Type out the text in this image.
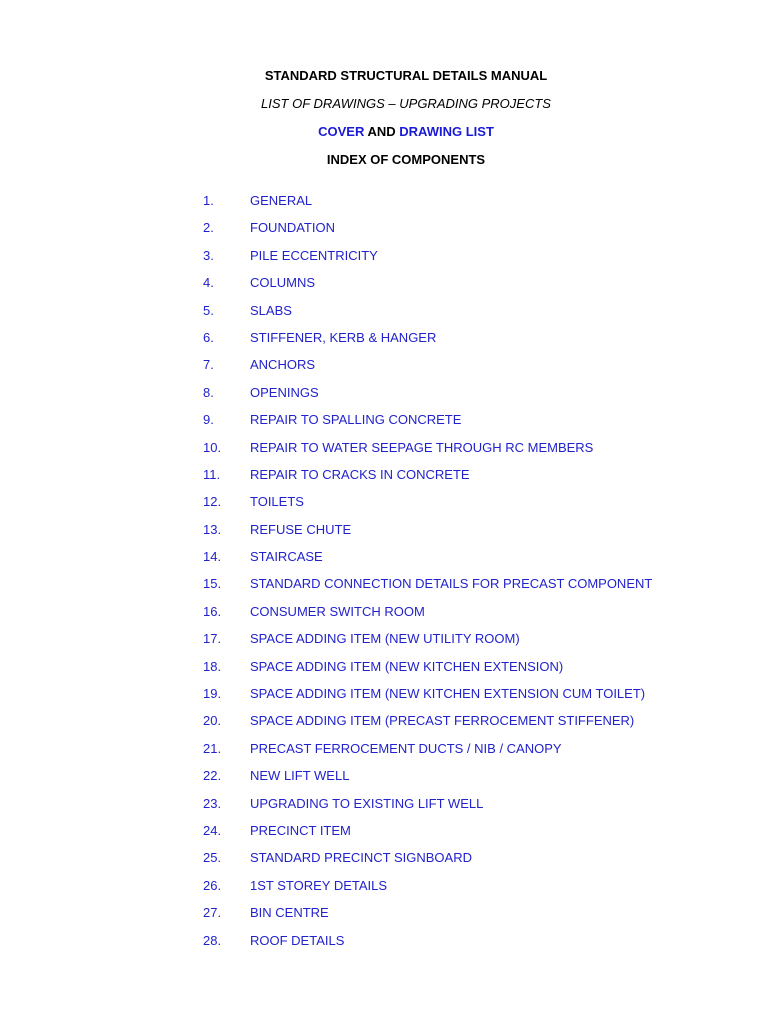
STANDARD STRUCTURAL DETAILS MANUAL
LIST OF DRAWINGS – UPGRADING PROJECTS
COVER AND DRAWING LIST
INDEX OF COMPONENTS
1.	GENERAL
2.	FOUNDATION
3.	PILE ECCENTRICITY
4.	COLUMNS
5.	SLABS
6.	STIFFENER, KERB & HANGER
7.	ANCHORS
8.	OPENINGS
9.	REPAIR TO SPALLING CONCRETE
10. REPAIR TO WATER SEEPAGE THROUGH RC MEMBERS
11. REPAIR TO CRACKS IN CONCRETE
12. TOILETS
13. REFUSE CHUTE
14. STAIRCASE
15. STANDARD CONNECTION DETAILS FOR PRECAST COMPONENT
16. CONSUMER SWITCH ROOM
17. SPACE ADDING ITEM (NEW UTILITY ROOM)
18. SPACE ADDING ITEM (NEW KITCHEN EXTENSION)
19. SPACE ADDING ITEM (NEW KITCHEN EXTENSION CUM TOILET)
20. SPACE ADDING ITEM (PRECAST FERROCEMENT STIFFENER)
21. PRECAST FERROCEMENT DUCTS / NIB / CANOPY
22. NEW LIFT WELL
23. UPGRADING TO EXISTING LIFT WELL
24. PRECINCT ITEM
25. STANDARD PRECINCT SIGNBOARD
26. 1ST STOREY DETAILS
27. BIN CENTRE
28. ROOF DETAILS
